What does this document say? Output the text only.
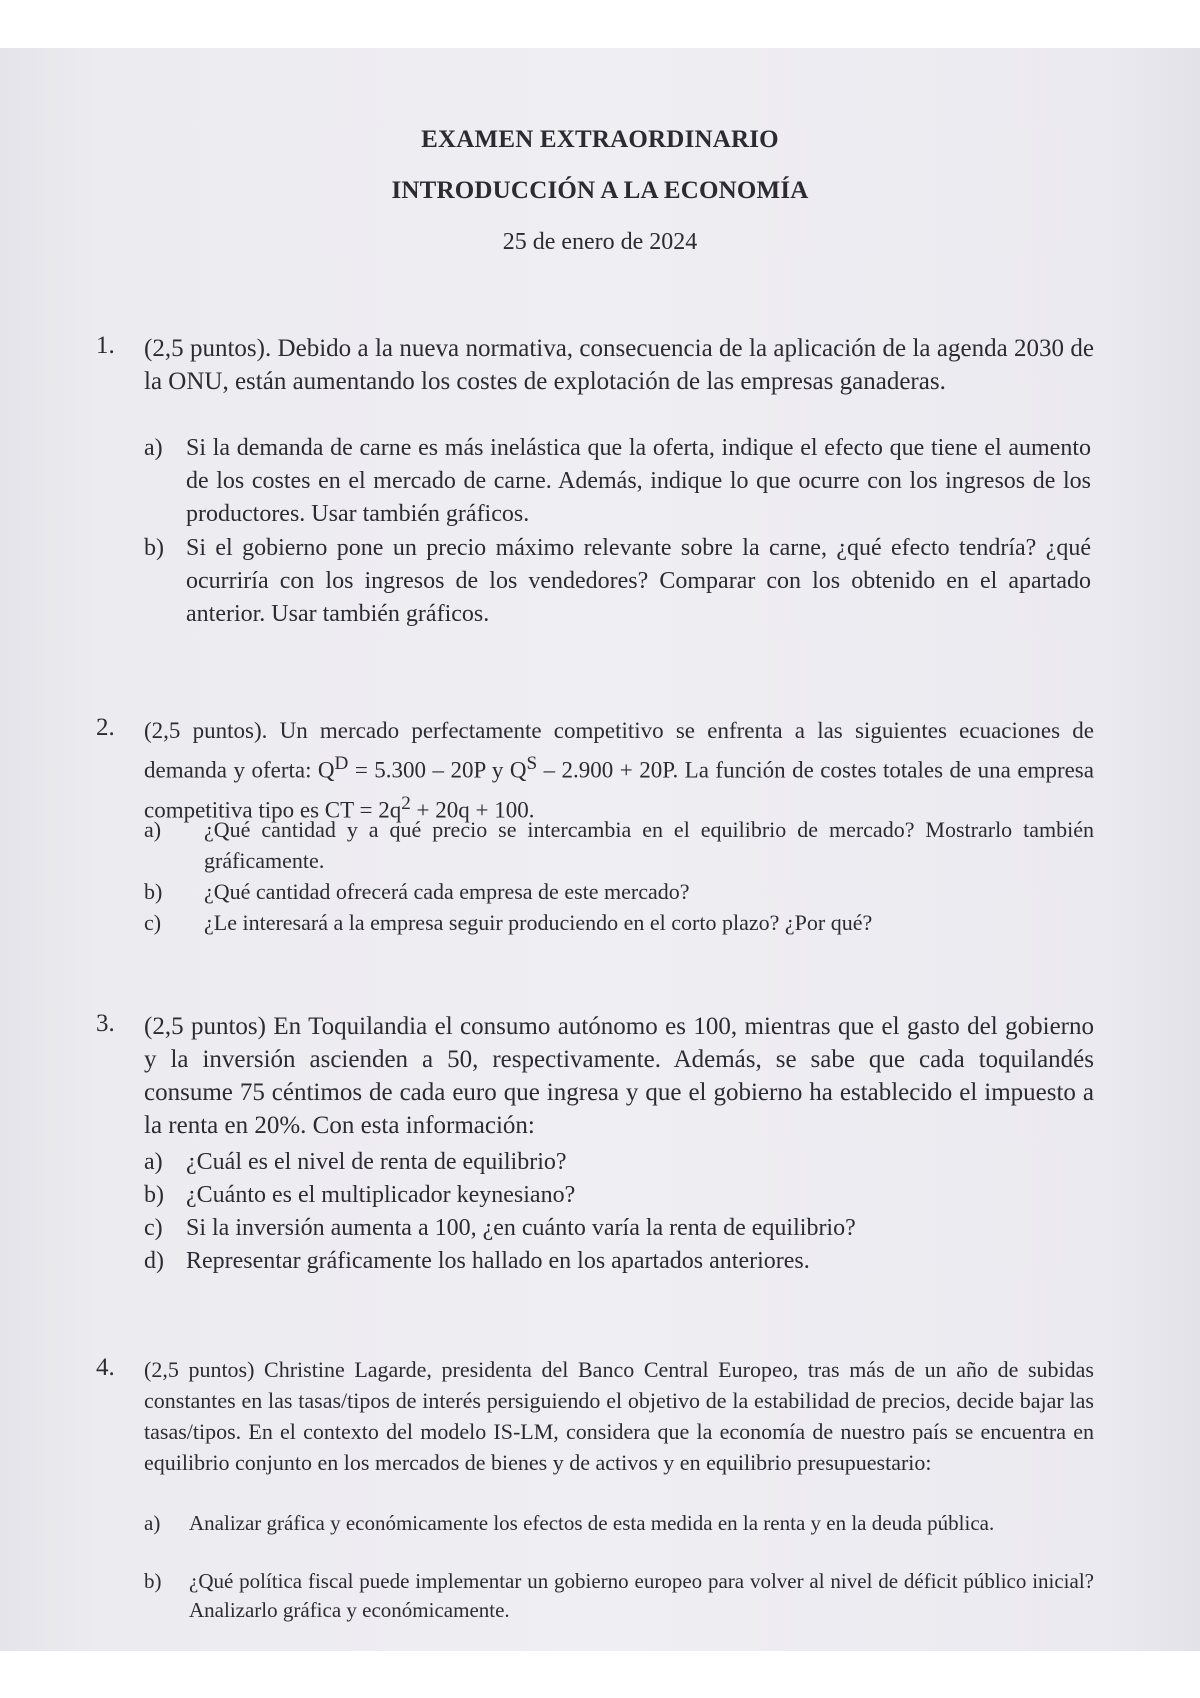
EXAMEN EXTRAORDINARIO
INTRODUCCIÓN A LA ECONOMÍA
25 de enero de 2024
1. (2,5 puntos). Debido a la nueva normativa, consecuencia de la aplicación de la agenda 2030 de la ONU, están aumentando los costes de explotación de las empresas ganaderas.
a) Si la demanda de carne es más inelástica que la oferta, indique el efecto que tiene el aumento de los costes en el mercado de carne. Además, indique lo que ocurre con los ingresos de los productores. Usar también gráficos.
b) Si el gobierno pone un precio máximo relevante sobre la carne, ¿qué efecto tendría? ¿qué ocurriría con los ingresos de los vendedores? Comparar con los obtenido en el apartado anterior. Usar también gráficos.
2. (2,5 puntos). Un mercado perfectamente competitivo se enfrenta a las siguientes ecuaciones de demanda y oferta: $Q^D = 5.300 - 20P$ y $Q^S - 2.900 + 20P$. La función de costes totales de una empresa competitiva tipo es CT = $2q^2 + 20q + 100$.
a) ¿Qué cantidad y a qué precio se intercambia en el equilibrio de mercado? Mostrarlo también gráficamente.
b) ¿Qué cantidad ofrecerá cada empresa de este mercado?
c) ¿Le interesará a la empresa seguir produciendo en el corto plazo? ¿Por qué?
3. (2,5 puntos) En Toquilandia el consumo autónomo es 100, mientras que el gasto del gobierno y la inversión ascienden a 50, respectivamente. Además, se sabe que cada toquilandés consume 75 céntimos de cada euro que ingresa y que el gobierno ha establecido el impuesto a la renta en 20%. Con esta información:
a) ¿Cuál es el nivel de renta de equilibrio?
b) ¿Cuánto es el multiplicador keynesiano?
c) Si la inversión aumenta a 100, ¿en cuánto varía la renta de equilibrio?
d) Representar gráficamente los hallado en los apartados anteriores.
4. (2,5 puntos) Christine Lagarde, presidenta del Banco Central Europeo, tras más de un año de subidas constantes en las tasas/tipos de interés persiguiendo el objetivo de la estabilidad de precios, decide bajar las tasas/tipos. En el contexto del modelo IS-LM, considera que la economía de nuestro país se encuentra en equilibrio conjunto en los mercados de bienes y de activos y en equilibrio presupuestario:
a) Analizar gráfica y económicamente los efectos de esta medida en la renta y en la deuda pública.
b) ¿Qué política fiscal puede implementar un gobierno europeo para volver al nivel de déficit público inicial? Analizarlo gráfica y económicamente.
